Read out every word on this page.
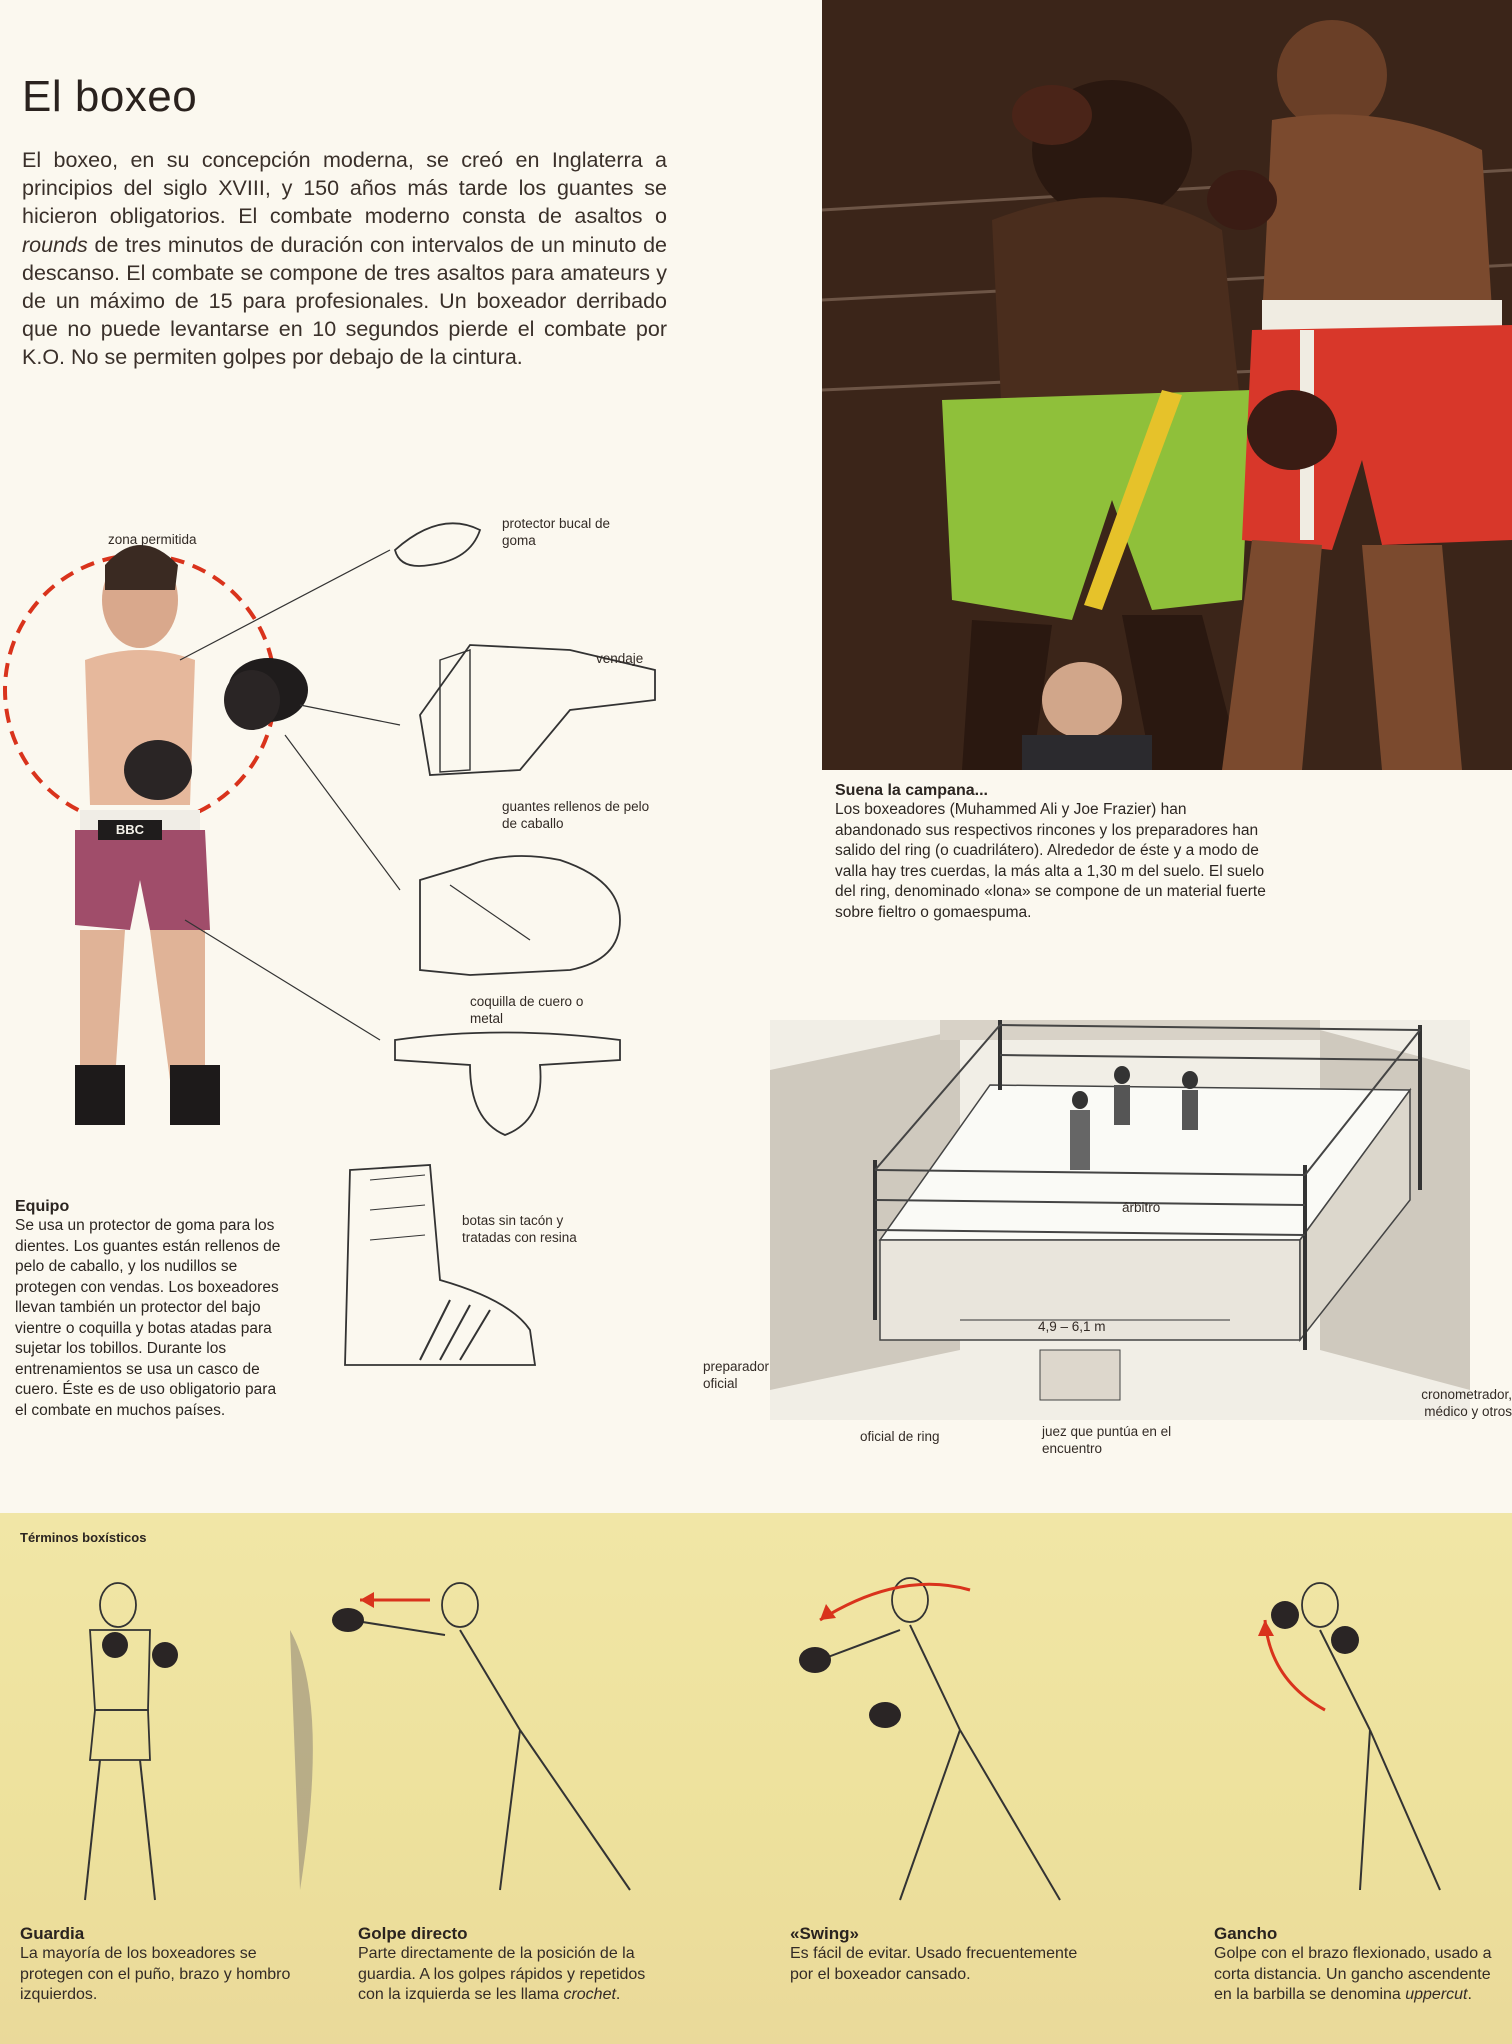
El boxeo
El boxeo, en su concepción moderna, se creó en Inglaterra a principios del siglo XVIII, y 150 años más tarde los guantes se hicieron obligatorios. El combate moderno consta de asaltos o rounds de tres minutos de duración con intervalos de un minuto de descanso. El combate se compone de tres asaltos para amateurs y de un máximo de 15 para profesionales. Un boxeador derribado que no puede levantarse en 10 segundos pierde el combate por K.O. No se permiten golpes por debajo de la cintura.
zona permitida
protector bucal de goma
vendaje
guantes rellenos de pelo de caballo
coquilla de cuero o metal
botas sin tacón y tratadas con resina
BBC
Equipo
Se usa un protector de goma para los dientes. Los guantes están rellenos de pelo de caballo, y los nudillos se protegen con vendas. Los boxeadores llevan también un protector del bajo vientre o coquilla y botas atadas para sujetar los tobillos. Durante los entrenamientos se usa un casco de cuero. Éste es de uso obligatorio para el combate en muchos países.
Suena la campana...
Los boxeadores (Muhammed Ali y Joe Frazier) han abandonado sus respectivos rincones y los preparadores han salido del ring (o cuadrilátero). Alrededor de éste y a modo de valla hay tres cuerdas, la más alta a 1,30 m del suelo. El suelo del ring, denominado «lona» se compone de un material fuerte sobre fieltro o gomaespuma.
árbitro
4,9 – 6,1 m
preparador oficial
oficial de ring	juez que puntúa en el encuentro
cronometrador, médico y otros
Términos boxísticos
Guardia
La mayoría de los boxeadores se protegen con el puño, brazo y hombro izquierdos.
Golpe directo
Parte directamente de la posición de la guardia. A los golpes rápidos y repetidos con la izquierda se les llama crochet.
«Swing»
Es fácil de evitar. Usado frecuentemente por el boxeador cansado.
Gancho
Golpe con el brazo flexionado, usado a corta distancia. Un gancho ascendente en la barbilla se denomina uppercut.
